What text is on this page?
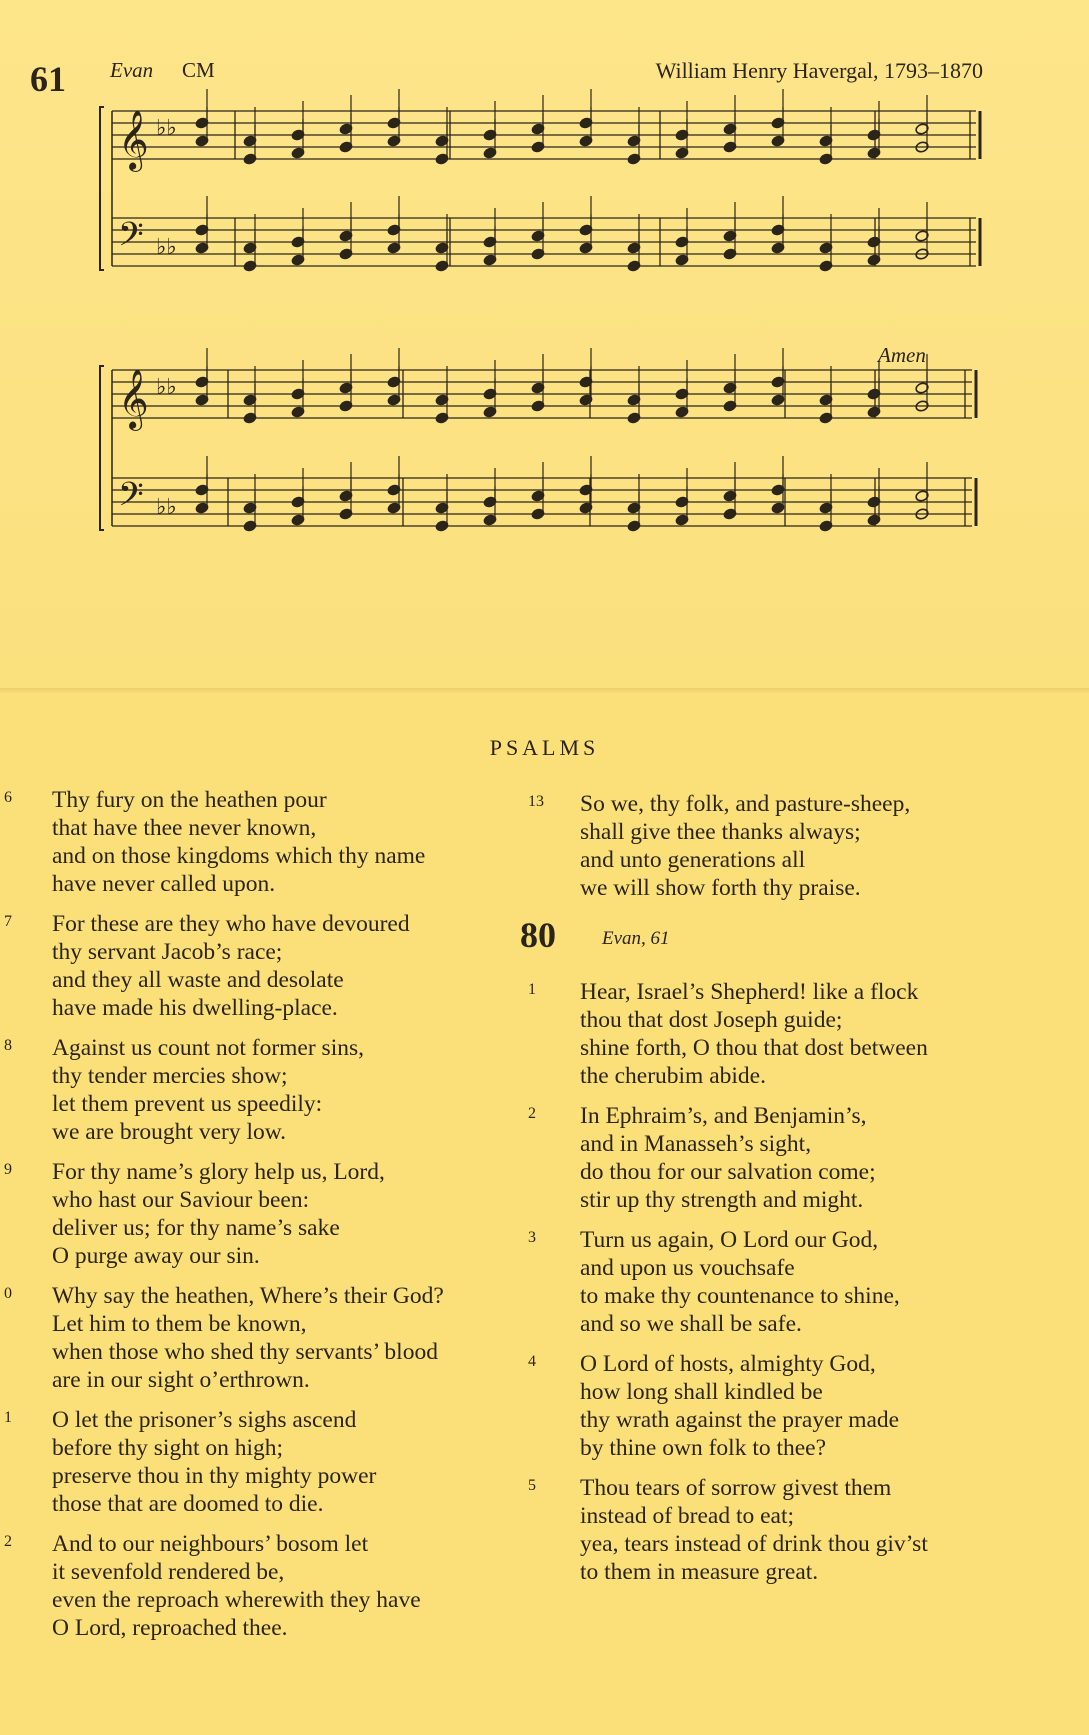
61 Evan CM	William Henry Havergal, 1793–1870
Amen
𝄞 ♭♭
𝄢 ♭♭
𝄞 ♭♭
𝄢 ♭♭
PSALMS
6 Thy fury on the heathen pour
that have thee never known,
and on those kingdoms which thy name
have never called upon.
7 For these are they who have devoured
thy servant Jacob’s race;
and they all waste and desolate
have made his dwelling-place.
8 Against us count not former sins,
thy tender mercies show;
let them prevent us speedily:
we are brought very low.
9 For thy name’s glory help us, Lord,
who hast our Saviour been:
deliver us; for thy name’s sake
O purge away our sin.
0 Why say the heathen, Where’s their God?
Let him to them be known,
when those who shed thy servants’ blood
are in our sight o’erthrown.
1 O let the prisoner’s sighs ascend
before thy sight on high;
preserve thou in thy mighty power
those that are doomed to die.
2 And to our neighbours’ bosom let
it sevenfold rendered be,
even the reproach wherewith they have
O Lord, reproached thee.
13 So we, thy folk, and pasture-sheep,
shall give thee thanks always;
and unto generations all
we will show forth thy praise.
80 Evan, 61
1 Hear, Israel’s Shepherd! like a flock
thou that dost Joseph guide;
shine forth, O thou that dost between
the cherubim abide.
2 In Ephraim’s, and Benjamin’s,
and in Manasseh’s sight,
do thou for our salvation come;
stir up thy strength and might.
3 Turn us again, O Lord our God,
and upon us vouchsafe
to make thy countenance to shine,
and so we shall be safe.
4 O Lord of hosts, almighty God,
how long shall kindled be
thy wrath against the prayer made
by thine own folk to thee?
5 Thou tears of sorrow givest them
instead of bread to eat;
yea, tears instead of drink thou giv’st
to them in measure great.
